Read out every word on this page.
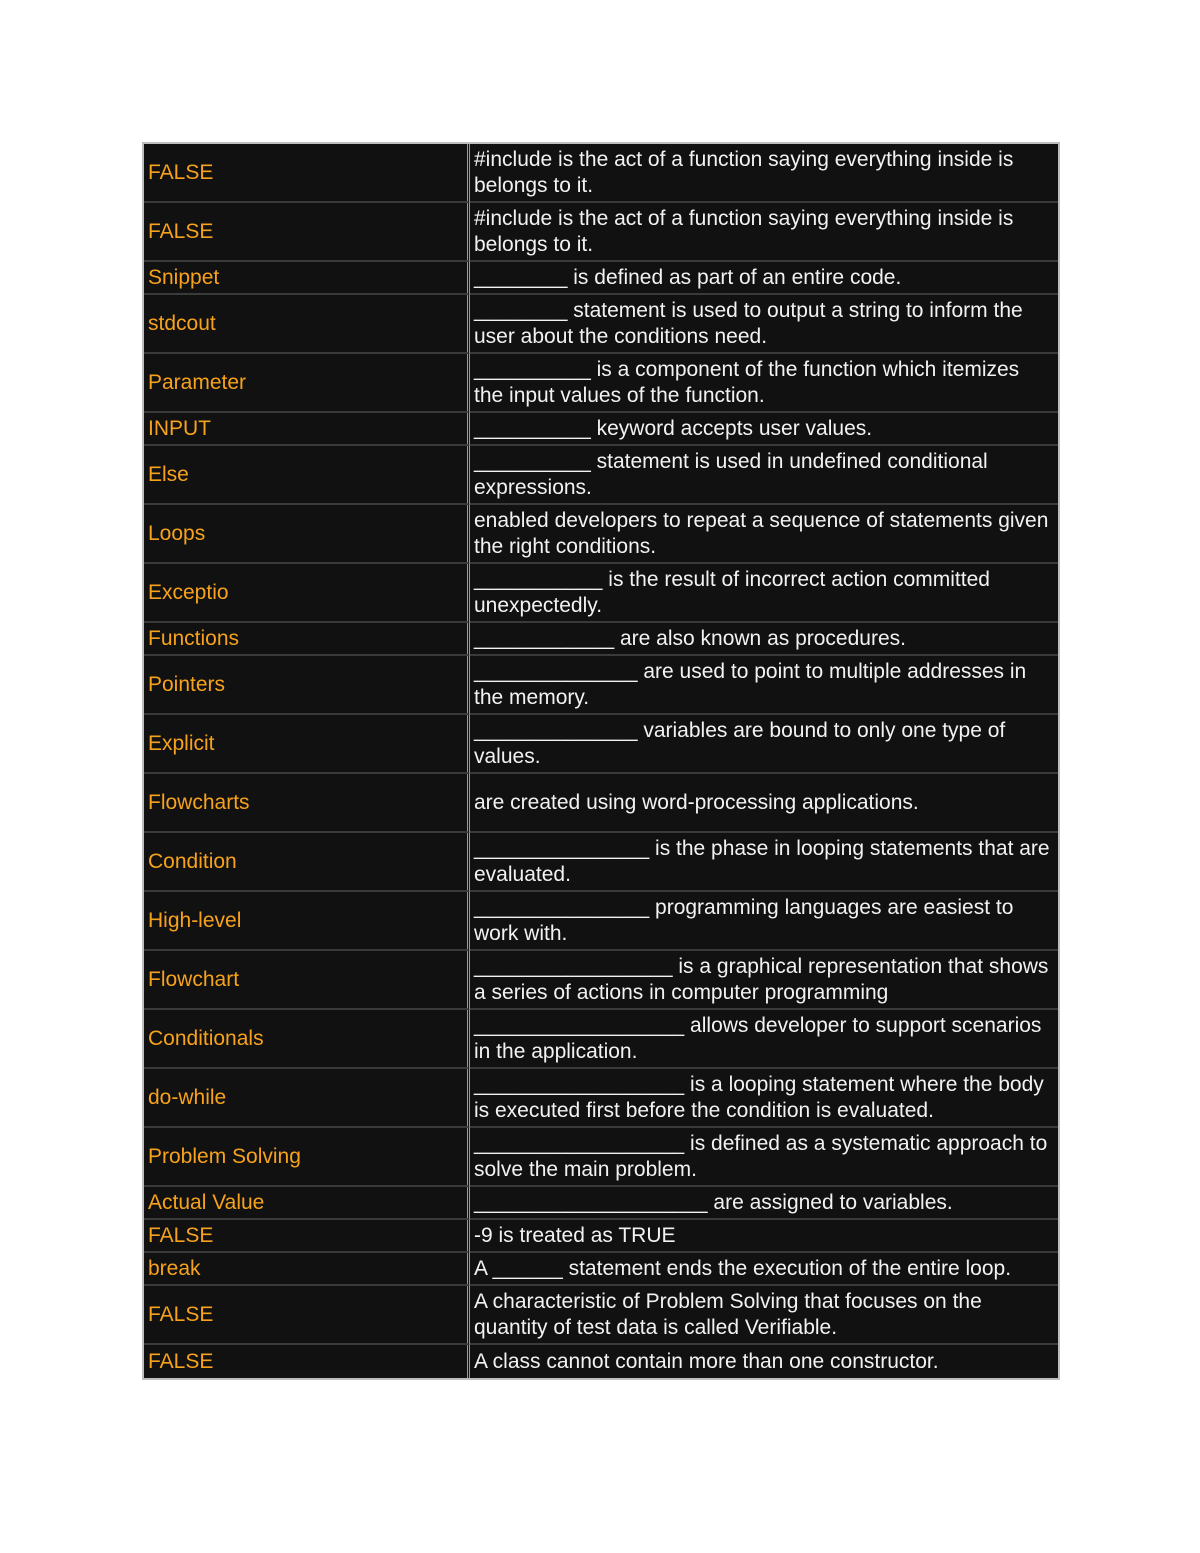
FALSE	#include is the act of a function saying everything inside is belongs to it.
FALSE	#include is the act of a function saying everything inside is belongs to it.
Snippet	________ is defined as part of an entire code.
stdcout	________ statement is used to output a string to inform the user about the conditions need.
Parameter	__________ is a component of the function which itemizes the input values of the function.
INPUT	__________ keyword accepts user values.
Else	__________ statement is used in undefined conditional expressions.
Loops	enabled developers to repeat a sequence of statements given the right conditions.
Exceptio	___________ is the result of incorrect action committed unexpectedly.
Functions	____________ are also known as procedures.
Pointers	______________ are used to point to multiple addresses in the memory.
Explicit	______________ variables are bound to only one type of values.
Flowcharts	are created using word-processing applications.
Condition	_______________ is the phase in looping statements that are evaluated.
High-level	_______________ programming languages are easiest to work with.
Flowchart	_________________ is a graphical representation that shows a series of actions in computer programming
Conditionals	__________________ allows developer to support scenarios in the application.
do-while	__________________ is a looping statement where the body is executed first before the condition is evaluated.
Problem Solving	__________________ is defined as a systematic approach to solve the main problem.
Actual Value	____________________ are assigned to variables.
FALSE	-9 is treated as TRUE
break	A ______ statement ends the execution of the entire loop.
FALSE	A characteristic of Problem Solving that focuses on the quantity of test data is called Verifiable.
FALSE	A class cannot contain more than one constructor.
